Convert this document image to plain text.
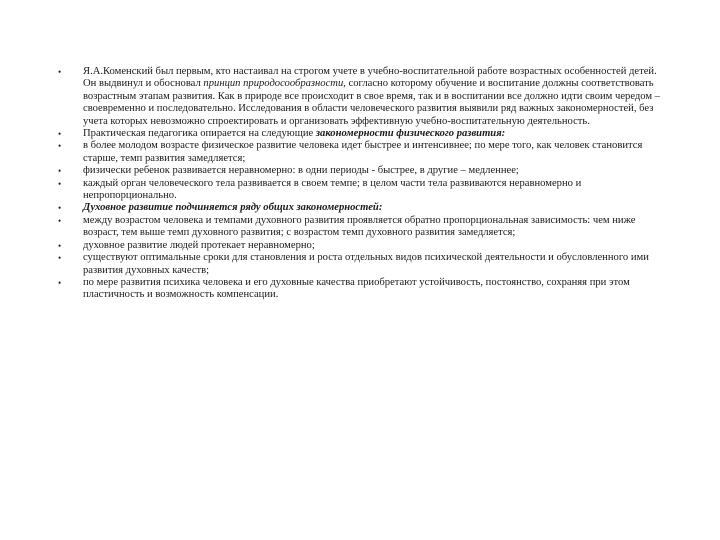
• Я.А.Коменский был первым, кто настаивал на строгом учете в учебно-воспитательной работе возрастных особенностей детей. Он выдвинул и обосновал принцип природосообразности, согласно которому обучение и воспитание должны соответствовать возрастным этапам развития. Как в природе все происходит в свое время, так и в воспитании все должно идти своим чередом – своевременно и последовательно. Исследования в области человеческого развития выявили ряд важных закономерностей, без учета которых невозможно спроектировать и организовать эффективную учебно-воспитательную деятельность.
• Практическая педагогика опирается на следующие закономерности физического развития:
• в более молодом возрасте физическое развитие человека идет быстрее и интенсивнее; по мере того, как человек становится старше, темп развития замедляется;
• физически ребенок развивается неравномерно: в одни периоды - быстрее, в другие – медленнее;
• каждый орган человеческого тела развивается в своем темпе; в целом части тела развиваются неравномерно и непропорционально.
• Духовное развитие подчиняется ряду общих закономерностей:
• между возрастом человека и темпами духовного развития проявляется обратно пропорциональная зависимость: чем ниже возраст, тем выше темп духовного развития; с возрастом темп духовного развития замедляется;
• духовное развитие людей протекает неравномерно;
• существуют оптимальные сроки для становления и роста отдельных видов психической деятельности и обусловленного ими развития духовных качеств;
• по мере развития психика человека и его духовные качества приобретают устойчивость, постоянство, сохраняя при этом пластичность и возможность компенсации.
